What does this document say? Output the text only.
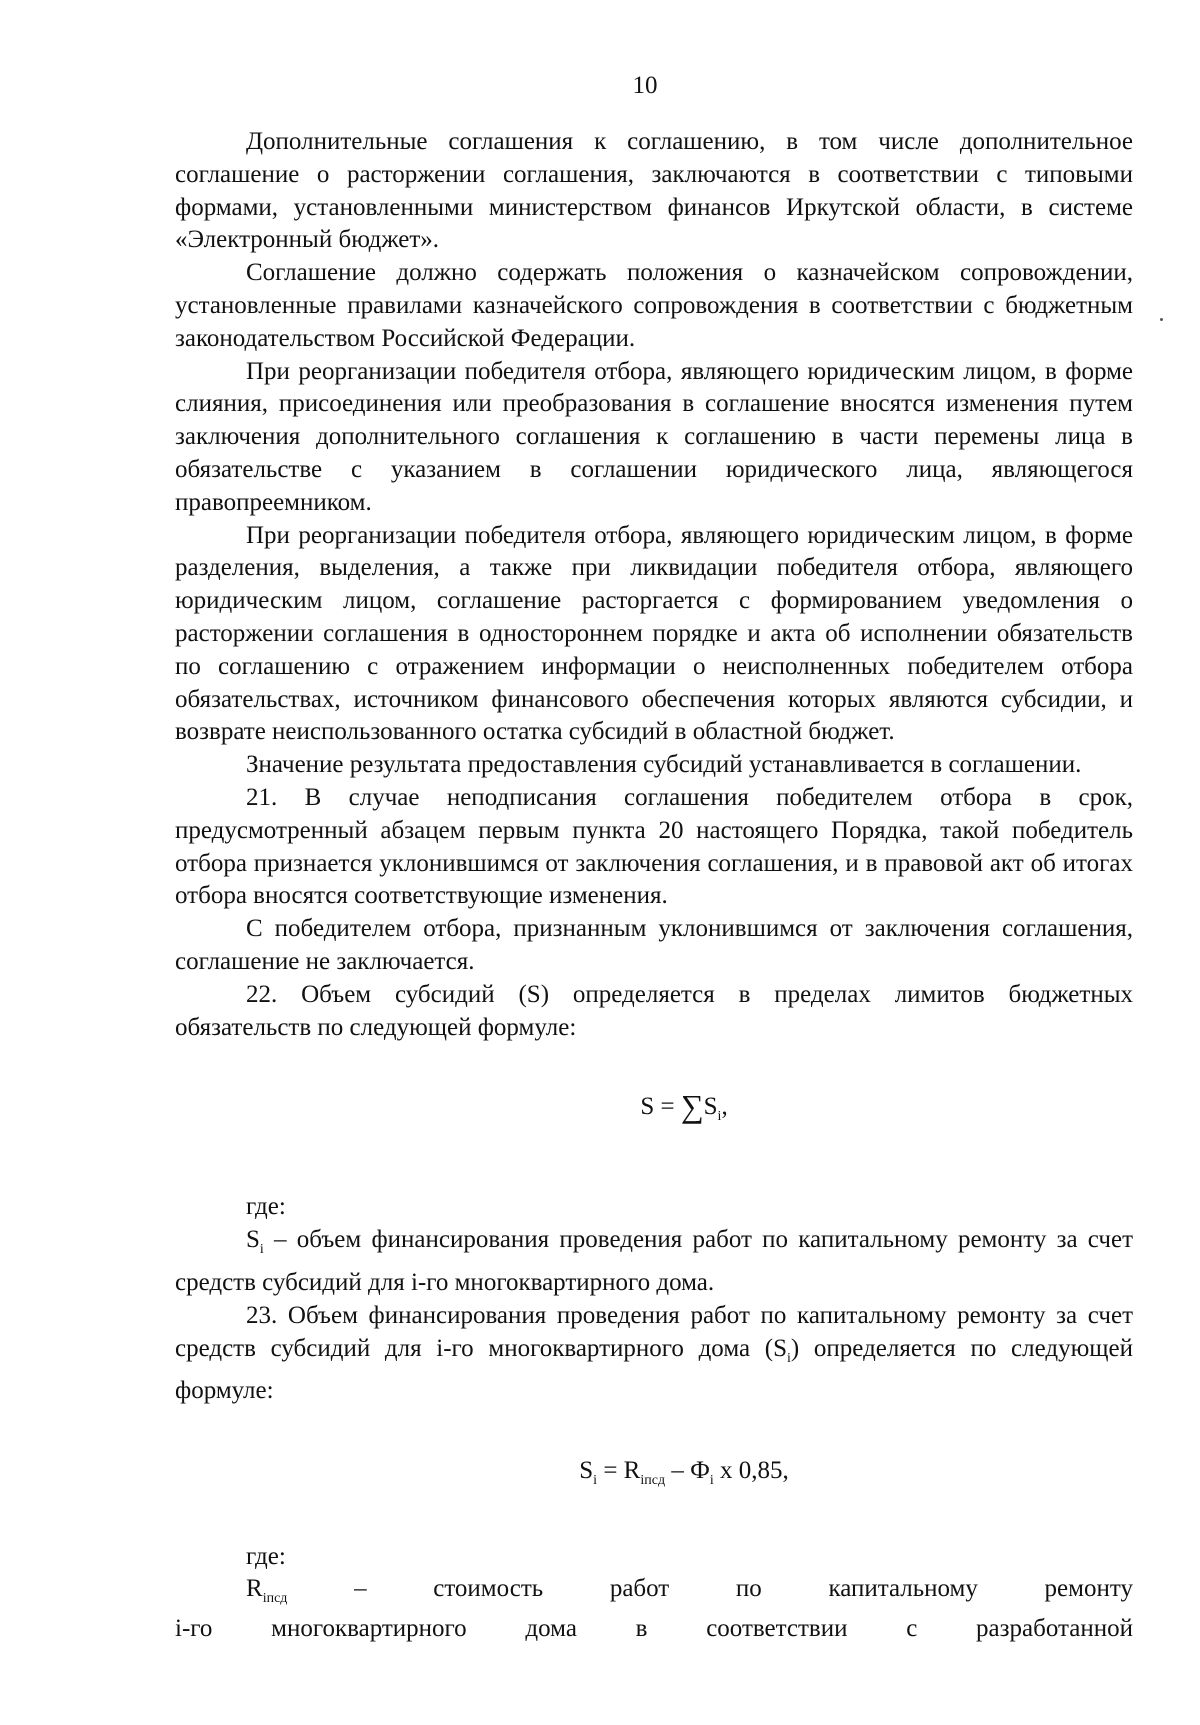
10

Дополнительные соглашения к соглашению, в том числе дополнительное соглашение о расторжении соглашения, заключаются в соответствии с типовыми формами, установленными министерством финансов Иркутской области, в системе «Электронный бюджет».

Соглашение должно содержать положения о казначейском сопровождении, установленные правилами казначейского сопровождения в соответствии с бюджетным законодательством Российской Федерации.

При реорганизации победителя отбора, являющего юридическим лицом, в форме слияния, присоединения или преобразования в соглашение вносятся изменения путем заключения дополнительного соглашения к соглашению в части перемены лица в обязательстве с указанием в соглашении юридического лица, являющегося правопреемником.

При реорганизации победителя отбора, являющего юридическим лицом, в форме разделения, выделения, а также при ликвидации победителя отбора, являющего юридическим лицом, соглашение расторгается с формированием уведомления о расторжении соглашения в одностороннем порядке и акта об исполнении обязательств по соглашению с отражением информации о неисполненных победителем отбора обязательствах, источником финансового обеспечения которых являются субсидии, и возврате неиспользованного остатка субсидий в областной бюджет.

Значение результата предоставления субсидий устанавливается в соглашении.

21. В случае неподписания соглашения победителем отбора в срок, предусмотренный абзацем первым пункта 20 настоящего Порядка, такой победитель отбора признается уклонившимся от заключения соглашения, и в правовой акт об итогах отбора вносятся соответствующие изменения.

С победителем отбора, признанным уклонившимся от заключения соглашения, соглашение не заключается.

22. Объем субсидий (S) определяется в пределах лимитов бюджетных обязательств по следующей формуле:

$S = \sum S_i$,

где:

$S_i$ – объем финансирования проведения работ по капитальному ремонту за счет средств субсидий для i-го многоквартирного дома.

23. Объем финансирования проведения работ по капитальному ремонту за счет средств субсидий для i-го многоквартирного дома $(S_i)$ определяется по следующей формуле:

$S_i = R_{iпсд} - Ф_i$ x 0,85,

где:

$R_{iпсд}$	–	стоимость	работ	по	капитальному	ремонту
i-го многоквартирного дома в соответствии с разработанной
